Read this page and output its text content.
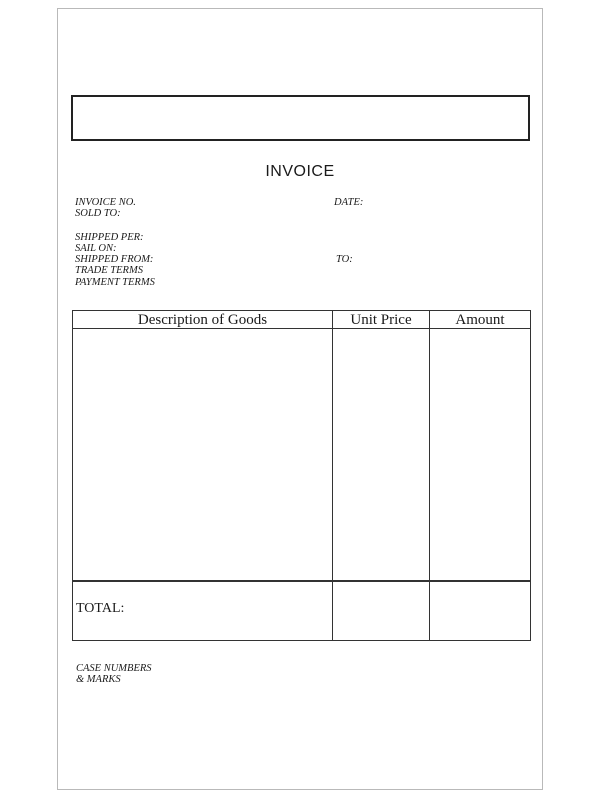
INVOICE
INVOICE NO.
SOLD TO:
DATE:
SHIPPED PER:
SAIL ON:
SHIPPED FROM:	TO:
TRADE TERMS
PAYMENT TERMS
Description of Goods	Unit Price	Amount
TOTAL:
CASE NUMBERS
& MARKS
